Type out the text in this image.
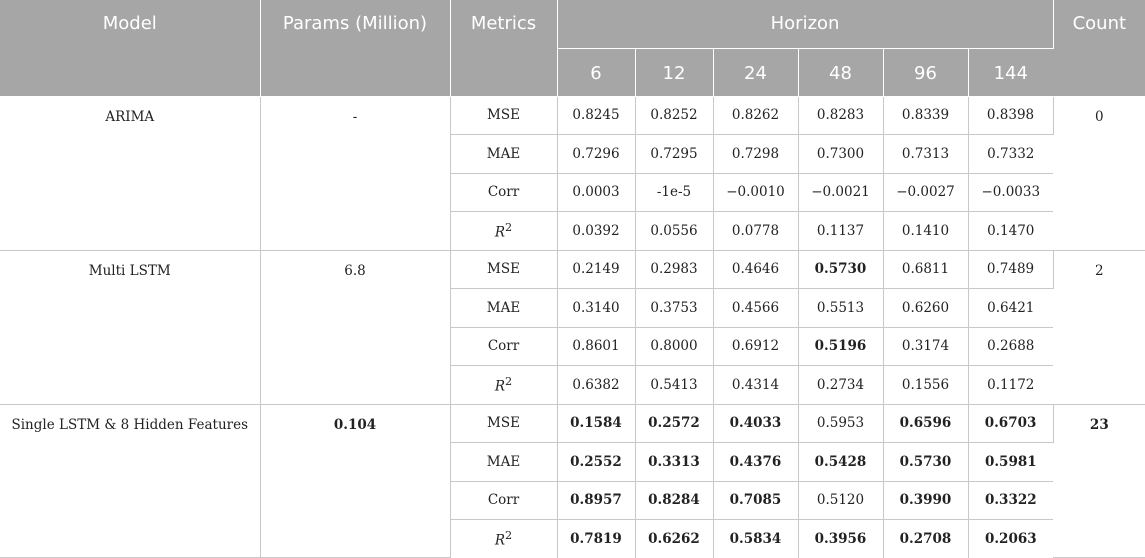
Model	Params (Million)	Metrics	Horizon						Count
			6	12	24	48	96	144	
ARIMA	-	MSE	0.8245	0.8252	0.8262	0.8283	0.8339	0.8398	0
		MAE	0.7296	0.7295	0.7298	0.7300	0.7313	0.7332	
		Corr	0.0003	-1e-5	−0.0010	−0.0021	−0.0027	−0.0033	
		$R^2$	0.0392	0.0556	0.0778	0.1137	0.1410	0.1470	
Multi LSTM	6.8	MSE	0.2149	0.2983	0.4646	0.5730	0.6811	0.7489	2
		MAE	0.3140	0.3753	0.4566	0.5513	0.6260	0.6421	
		Corr	0.8601	0.8000	0.6912	0.5196	0.3174	0.2688	
		$R^2$	0.6382	0.5413	0.4314	0.2734	0.1556	0.1172	
Single LSTM & 8 Hidden Features	0.104	MSE	0.1584	0.2572	0.4033	0.5953	0.6596	0.6703	23
		MAE	0.2552	0.3313	0.4376	0.5428	0.5730	0.5981	
		Corr	0.8957	0.8284	0.7085	0.5120	0.3990	0.3322	
		$R^2$	0.7819	0.6262	0.5834	0.3956	0.2708	0.2063	
